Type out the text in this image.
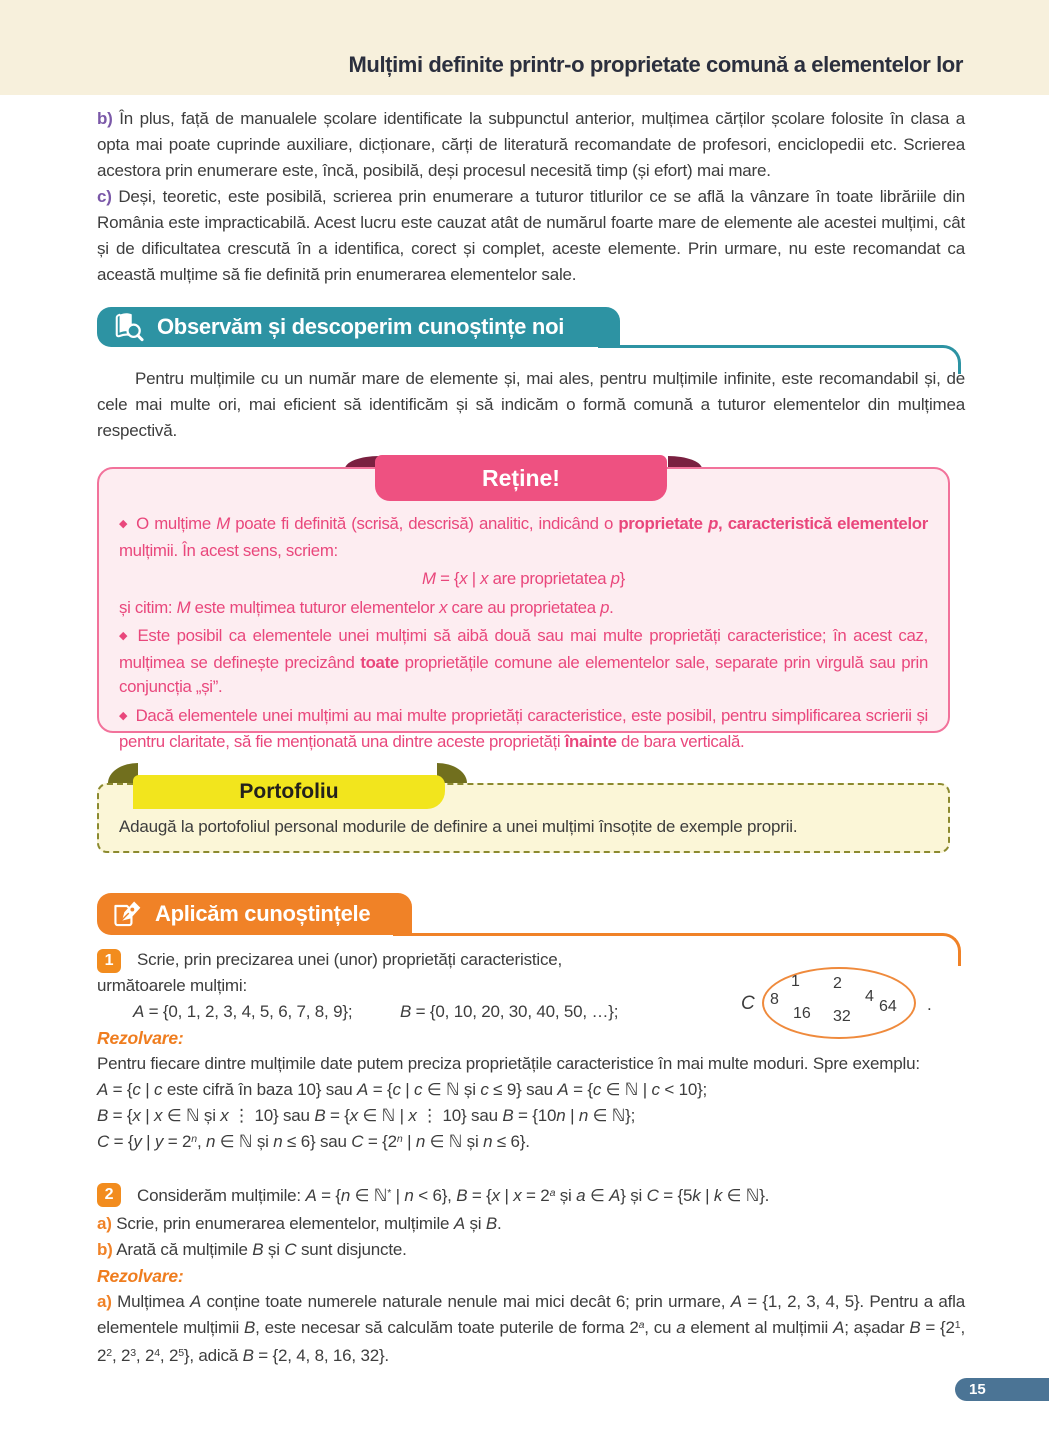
Mulțimi definite printr-o proprietate comună a elementelor lor

b) În plus, față de manualele școlare identificate la subpunctul anterior, mulțimea cărților școlare folosite în clasa a opta mai poate cuprinde auxiliare, dicționare, cărți de literatură recomandate de profesori, enciclopedii etc. Scrierea acestora prin enumerare este, încă, posibilă, deși procesul necesită timp (și efort) mai mare.

c) Deși, teoretic, este posibilă, scrierea prin enumerare a tuturor titlurilor ce se află la vânzare în toate librăriile din România este impracticabilă. Acest lucru este cauzat atât de numărul foarte mare de elemente ale acestei mulțimi, cât și de dificultatea crescută în a identifica, corect și complet, aceste elemente. Prin urmare, nu este recomandat ca această mulțime să fie definită prin enumerarea elementelor sale.

Observăm și descoperim cunoștințe noi

Pentru mulțimile cu un număr mare de elemente și, mai ales, pentru mulțimile infinite, este recomandabil și, de cele mai multe ori, mai eficient să identificăm și să indicăm o formă comună a tuturor elementelor din mulțimea respectivă.

Reține!

◆ O mulțime M poate fi definită (scrisă, descrisă) analitic, indicând o proprietate p, caracteristică elementelor mulțimii. În acest sens, scriem:

M = {x | x are proprietatea p}

și citim: M este mulțimea tuturor elementelor x care au proprietatea p.

◆ Este posibil ca elementele unei mulțimi să aibă două sau mai multe proprietăți caracteristice; în acest caz, mulțimea se definește precizând toate proprietățile comune ale elementelor sale, separate prin virgulă sau prin conjuncția „și”.

◆ Dacă elementele unei mulțimi au mai multe proprietăți caracteristice, este posibil, pentru simplificarea scrierii și pentru claritate, să fie menționată una dintre aceste proprietăți înainte de bara verticală.

Portofoliu
Adaugă la portofoliul personal modurile de definire a unei mulțimi însoțite de exemple proprii.
Aplicăm cunoștințele
1	Scrie, prin precizarea unei (unor) proprietăți caracteristice, următoarele mulțimi:

A = {0, 1, 2, 3, 4, 5, 6, 7, 8, 9};	B = {0, 10, 20, 30, 40, 50, …};

Rezolvare:

Pentru fiecare dintre mulțimile date putem preciza proprietățile caracteristice în mai multe moduri. Spre exemplu:

A = {c | c este cifră în baza 10} sau A = {c | c ∈ ℕ și c ≤ 9} sau A = {c ∈ ℕ | c < 10};

B = {x | x ∈ ℕ și x ⋮ 10} sau B = {x ∈ ℕ | x ⋮ 10} sau B = {10n | n ∈ ℕ};

C = {y | $y = 2^n$, n ∈ ℕ și n ≤ 6} sau $C = \{2^n$ | n ∈ ℕ și n ≤ 6}.

C
1 2
8	4
64
16 32
.
2	Considerăm mulțimile: A = {n ∈ ℕ* | n < 6}, B = {x | $x = 2^a$ și a ∈ A} și C = {5k | k ∈ ℕ}.

a) Scrie, prin enumerarea elementelor, mulțimile A și B.

b) Arată că mulțimile B și C sunt disjuncte.

Rezolvare:

a) Mulțimea A conține toate numerele naturale nenule mai mici decât 6; prin urmare, A = {1, 2, 3, 4, 5}. Pentru a afla elementele mulțimii B, este necesar să calculăm toate puterile de forma 2$^a$, cu a element al mulțimii A; așadar $B = \{2^1$, $2^2$, $2^3$, $2^4$, $2^5$}, adică B = {2, 4, 8, 16, 32}.

15
